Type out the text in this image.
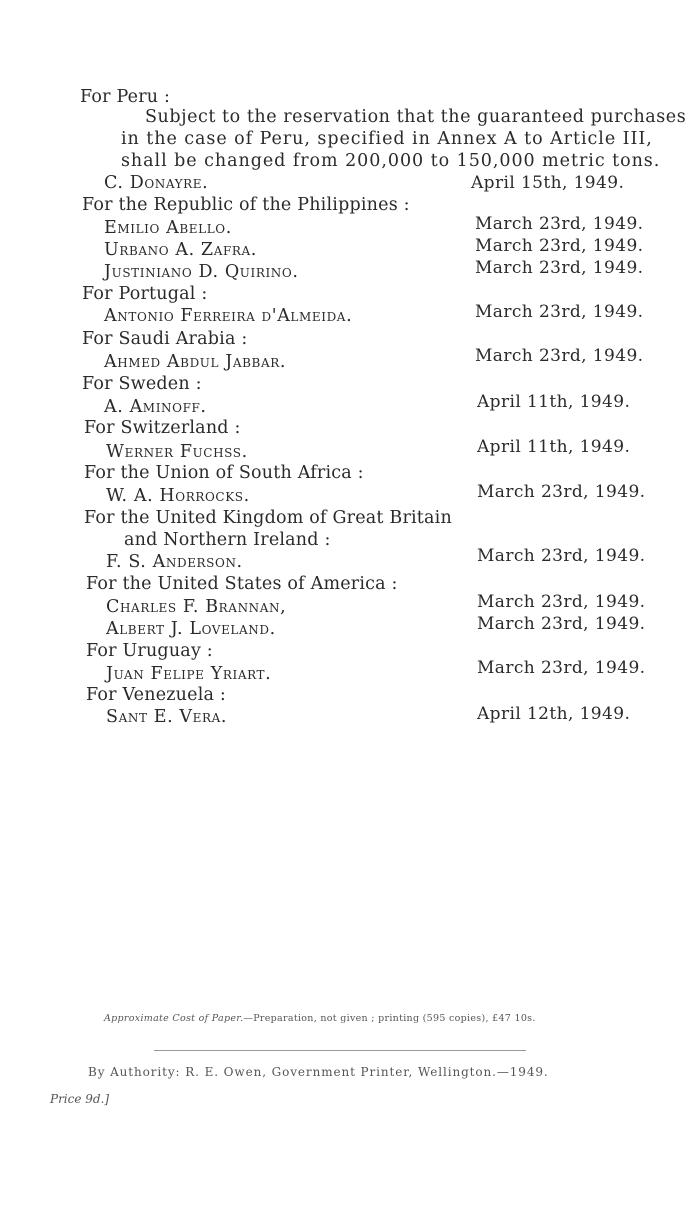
For Peru :
Subject to the reservation that the guaranteed purchases
in the case of Peru, specified in Annex A to Article III,
shall be changed from 200,000 to 150,000 metric tons.
C. Donayre.	April 15th, 1949.
For the Republic of the Philippines :
Emilio Abello.	March 23rd, 1949.
Urbano A. Zafra.	March 23rd, 1949.
Justiniano D. Quirino.	March 23rd, 1949.
For Portugal :
Antonio Ferreira d'Almeida.	March 23rd, 1949.
For Saudi Arabia :
Ahmed Abdul Jabbar.	March 23rd, 1949.
For Sweden :
A. Aminoff.	April 11th, 1949.
For Switzerland :
Werner Fuchss.	April 11th, 1949.
For the Union of South Africa :
W. A. Horrocks.	March 23rd, 1949.
For the United Kingdom of Great Britain
and Northern Ireland :
F. S. Anderson.	March 23rd, 1949.
For the United States of America :
Charles F. Brannan,	March 23rd, 1949.
Albert J. Loveland.	March 23rd, 1949.
For Uruguay :
Juan Felipe Yriart.	March 23rd, 1949.
For Venezuela :
Sant E. Vera.	April 12th, 1949.
Approximate Cost of Paper.—Preparation, not given ; printing (595 copies), £47 10s.
By Authority: R. E. Owen, Government Printer, Wellington.—1949.
Price 9d.]
